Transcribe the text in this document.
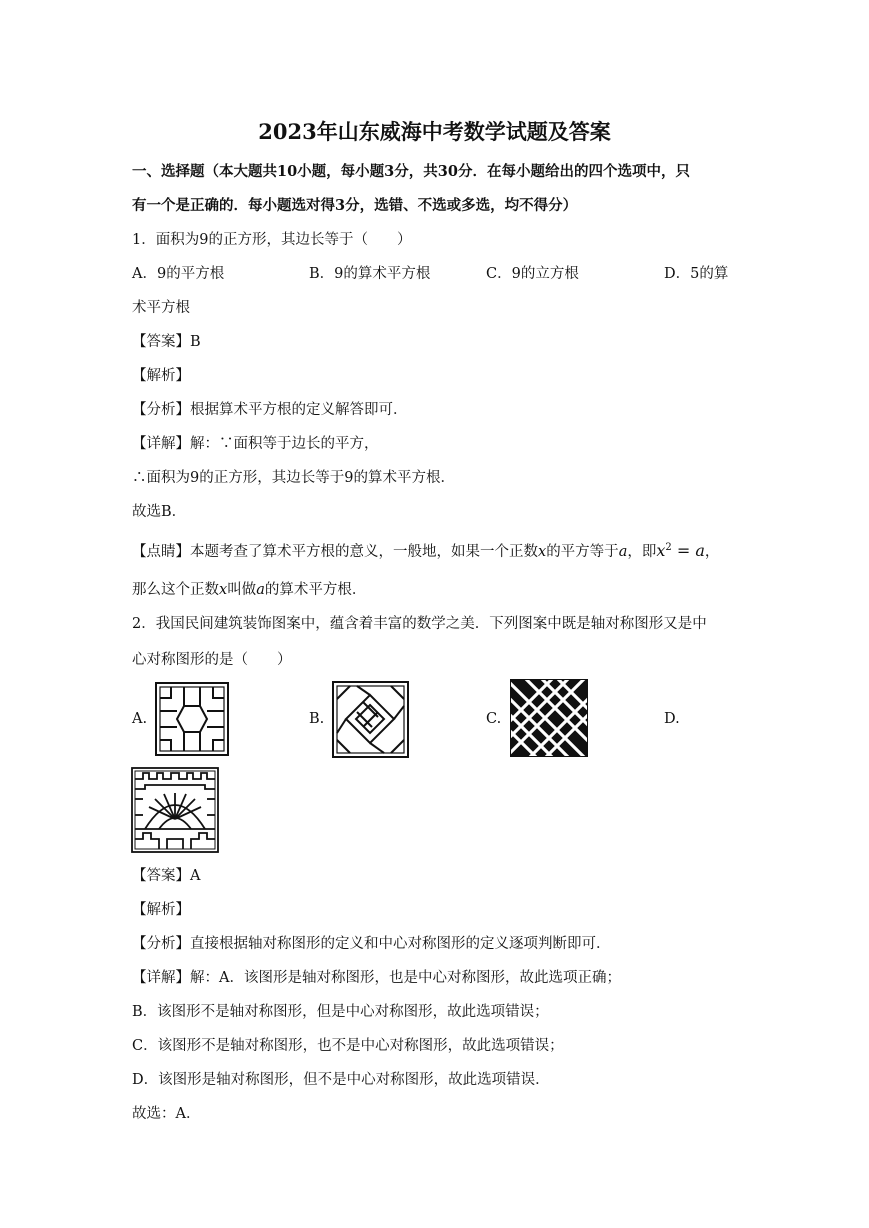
2023年山东威海中考数学试题及答案
一、选择题（本大题共10小题，每小题3分，共30分．在每小题给出的四个选项中，只
有一个是正确的．每小题选对得3分，选错、不选或多选，均不得分）
1．面积为9的正方形，其边长等于（　　）
A．9的平方根	B．9的算术平方根	C．9的立方根	D．5的算
术平方根
【答案】B
【解析】
【分析】根据算术平方根的定义解答即可．
【详解】解：∵面积等于边长的平方，
∴面积为9的正方形，其边长等于9的算术平方根．
故选B．
【点睛】本题考查了算术平方根的意义，一般地，如果一个正数x的平方等于a，即$x^2 = a$，
那么这个正数x叫做a的算术平方根．
2．我国民间建筑装饰图案中，蕴含着丰富的数学之美．下列图案中既是轴对称图形又是中
心对称图形的是（　　）
A.	B.	C.	D.
【答案】A
【解析】
【分析】直接根据轴对称图形的定义和中心对称图形的定义逐项判断即可．
【详解】解：A．该图形是轴对称图形，也是中心对称图形，故此选项正确；
B．该图形不是轴对称图形，但是中心对称图形，故此选项错误；
C．该图形不是轴对称图形，也不是中心对称图形，故此选项错误；
D．该图形是轴对称图形，但不是中心对称图形，故此选项错误．
故选：A．
